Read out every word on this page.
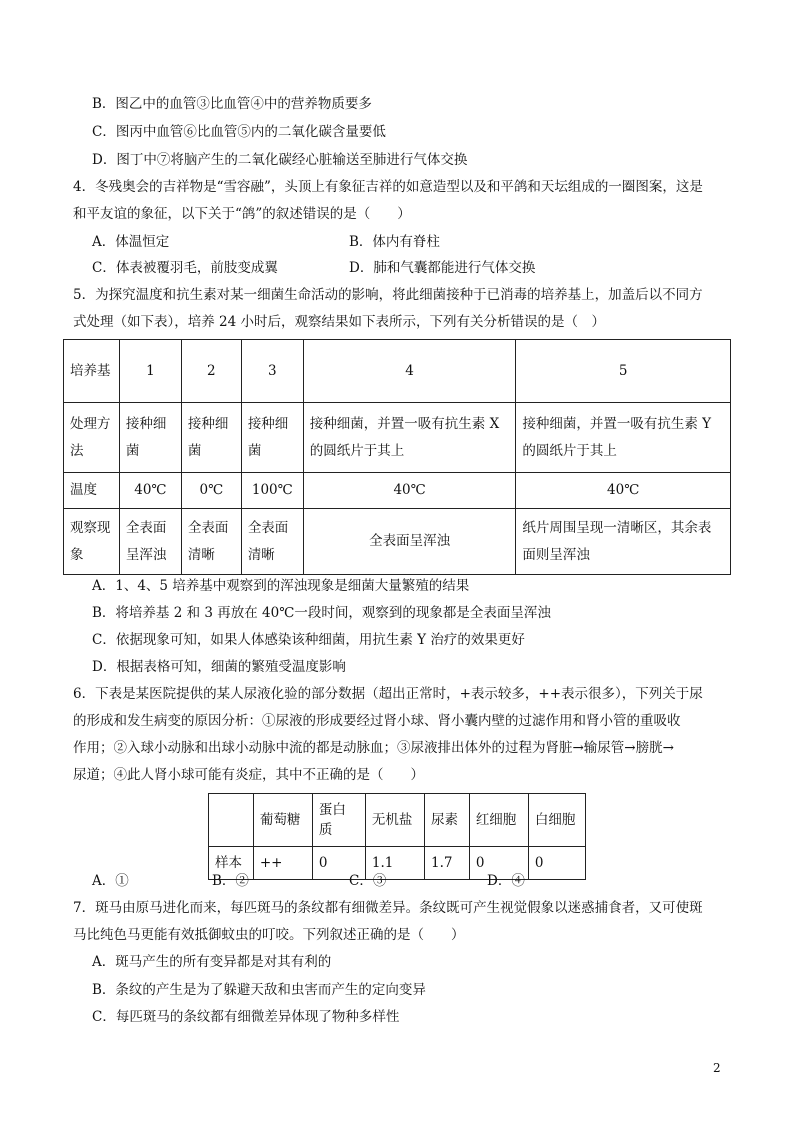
B．图乙中的血管③比血管④中的营养物质要多
C．图丙中血管⑥比血管⑤内的二氧化碳含量要低
D．图丁中⑦将脑产生的二氧化碳经心脏输送至肺进行气体交换
4．冬残奥会的吉祥物是“雪容融”，头顶上有象征吉祥的如意造型以及和平鸽和天坛组成的一圈图案，这是
和平友谊的象征，以下关于“鸽”的叙述错误的是（　　）
A．体温恒定	B．体内有脊柱
C．体表被覆羽毛，前肢变成翼	D．肺和气囊都能进行气体交换
5．为探究温度和抗生素对某一细菌生命活动的影响，将此细菌接种于已消毒的培养基上，加盖后以不同方
式处理（如下表），培养 24 小时后，观察结果如下表所示，下列有关分析错误的是（　）
培养基	1	2	3	4	5
处理方法	接种细菌	接种细菌	接种细菌	接种细菌，并置一吸有抗生素 X 的圆纸片于其上	接种细菌，并置一吸有抗生素 Y 的圆纸片于其上
温度	40℃	0℃	100℃	40℃	40℃
观察现象	全表面呈浑浊	全表面清晰	全表面清晰	全表面呈浑浊	纸片周围呈现一清晰区，其余表面则呈浑浊
A．1、4、5 培养基中观察到的浑浊现象是细菌大量繁殖的结果
B．将培养基 2 和 3 再放在 40℃一段时间，观察到的现象都是全表面呈浑浊
C．依据现象可知，如果人体感染该种细菌，用抗生素 Y 治疗的效果更好
D．根据表格可知，细菌的繁殖受温度影响
6．下表是某医院提供的某人尿液化验的部分数据（超出正常时，+表示较多，++表示很多），下列关于尿
的形成和发生病变的原因分析：①尿液的形成要经过肾小球、肾小囊内壁的过滤作用和肾小管的重吸收
作用；②入球小动脉和出球小动脉中流的都是动脉血；③尿液排出体外的过程为肾脏→输尿管→膀胱→
尿道；④此人肾小球可能有炎症，其中不正确的是（　　）
	葡萄糖	蛋白质	无机盐	尿素	红细胞	白细胞
样本	++	0	1.1	1.7	0	0
A．①	B．②	C．③	D．④
7．斑马由原马进化而来，每匹斑马的条纹都有细微差异。条纹既可产生视觉假象以迷惑捕食者，又可使斑
马比纯色马更能有效抵御蚊虫的叮咬。下列叙述正确的是（　　）
A．斑马产生的所有变异都是对其有利的
B．条纹的产生是为了躲避天敌和虫害而产生的定向变异
C．每匹斑马的条纹都有细微差异体现了物种多样性
2
